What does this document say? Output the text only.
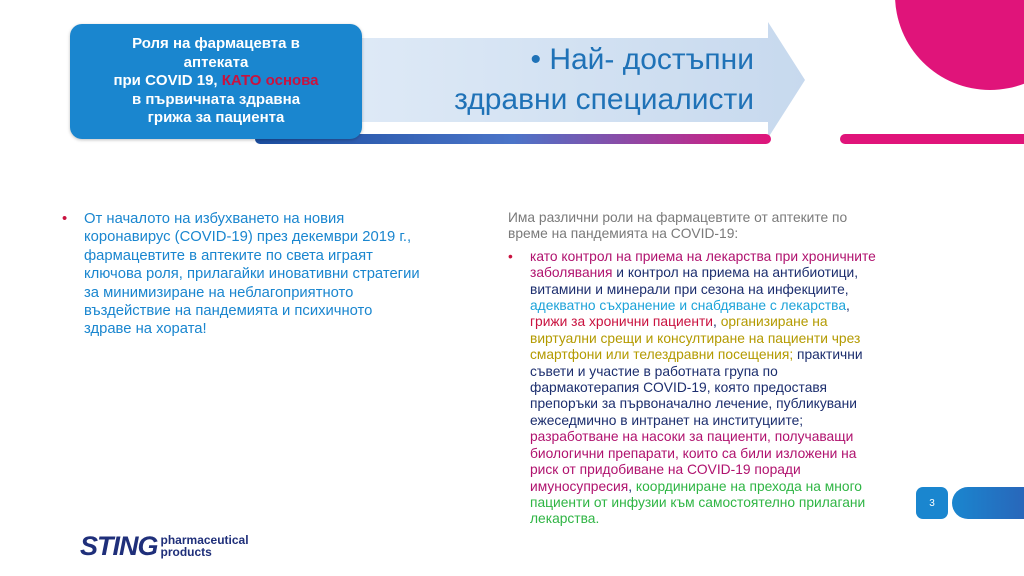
Роля на фармацевта в
аптеката
при COVID 19, КАТО основа
в първичната здравна
грижа за пациента
• Най- достъпни
здравни специалисти
• От началото на избухването на новия коронавирус (COVID-19) през декември 2019 г., фармацевтите в аптеките по света играят ключова роля, прилагайки иновативни стратегии за минимизиране на неблагоприятното въздействие на пандемията и психичното здраве на хората!
Има различни роли на фармацевтите от аптеките по време на пандемията на COVID-19:
• като контрол на приема на лекарства при хроничните заболявания и контрол на приема на антибиотици, витамини и минерали при сезона на инфекциите, адекватно съхранение и снабдяване с лекарства, грижи за хронични пациенти, организиране на виртуални срещи и консултиране на пациенти чрез смартфони или телездравни посещения; практични съвети и участие в работната група по фармакотерапия COVID-19, която предоставя препоръки за първоначално лечение, публикувани ежеседмично в интранет на институциите; разработване на насоки за пациенти, получаващи биологични препарати, които са били изложени на риск от придобиване на COVID-19 поради имуносупресия, координиране на прехода на много пациенти от инфузии към самостоятелно прилагани лекарства.
3
STING pharmaceutical
products
